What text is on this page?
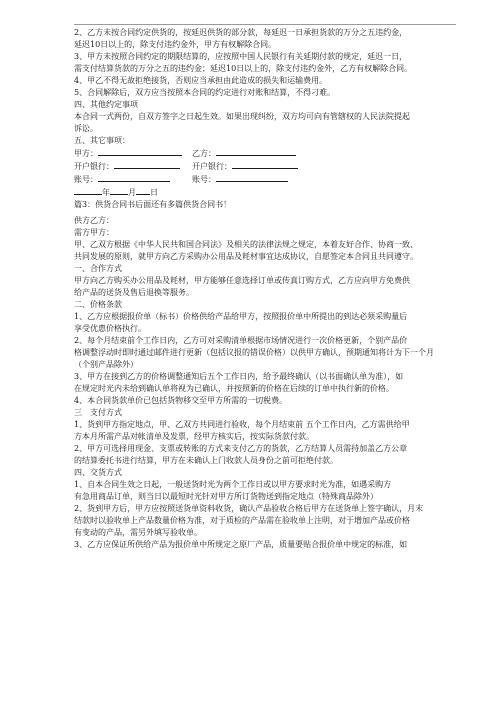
2、乙方未按合同约定供货的，按延迟供货的部分款，每延迟一日承担货款的万分之五违约金，
延迟10日以上的，除支付违约金外，甲方有权解除合同。
3、甲方未按照合同约定的期限结算的，应按照中国人民银行有关延期付款的规定，延迟一日，
需支付结算货款的万分之五的违约金；延迟10日以上的，除支付违约金外，乙方有权解除合同。
4、甲乙不得无故拒绝接货，否则应当承担由此造成的损失和运输费用。
5、合同解除后，双方应当按照本合同的约定进行对账和结算，不得刁难。
四、其他约定事项
本合同一式两份，自双方签字之日起生效。如果出现纠纷，双方均可向有管辖权的人民法院提起
诉讼。
五、其它事项：
甲方：	乙方：
开户银行：	开户银行：
账号：	账号：
年 月 日
篇3：供货合同书后面还有多篇供货合同书！
供方乙方：
需方甲方：
甲、乙双方根据《中华人民共和国合同法》及相关的法律法规之规定，本着友好合作、协商一致、
共同发展的原则，就甲方向乙方采购办公用品及耗材事宜达成协议，自愿签定本合同且共同遵守。
一、合作方式
甲方向乙方购买办公用品及耗材，甲方能够任意选择订单或传真订购方式，乙方应向甲方免费供
给产品的送货及售后退换等服务。
二、价格条款
1、乙方应根据报价单（标书）价格供给产品给甲方，按照报价单中所提出的到达必须采购量后
享受优惠价格执行。
2、每个月结束前个工作日内，乙方可对采购清单根据市场情况进行一次价格更新，个别产品价
格调整浮动时即时通过邮件进行更新（包括议报的错误价格）以供甲方确认，预期通知将计为下一个月
（个别产品除外）
3、甲方在接到乙方的价格调整通知后五个工作日内，给予最终确认（以书面确认单为准），如
在规定时光内未给到确认单将视为已确认，并按照新的价格在后续的订单中执行新的价格。
4、本合同货款单价已包括货物移交至甲方所需的一切税费。
三　支付方式
1、货到甲方指定地点，甲、乙双方共同进行验收，每个月结束前 五个工作日内，乙方需供给甲
方本月所需产品对帐清单及发票，经甲方核实后，按实际货款付款。
2、甲方可选择用现金、支票或转账的方式来支付乙方的货款，乙方结算人员需持加盖乙方公章
的结算委托书进行结算，甲方在未确认上门收款人员身份之前可拒绝付款。
四、交货方式
1、自本合同生效之日起，一般送货时光为两个工作日或以甲方要求时光为准，如遇采购方
有急用商品订单，则当日以最短时光针对甲方所订货物送到指定地点（特殊商品除外）
2、货到甲方后，甲方应按照送货单资料收货，确认产品验收合格后甲方在送货单上签字确认，月末
结款时以验收单上产品数量价格为准，对于质检的产品需在验收单上注明，对于增加产品或价格
有变动的产品，需另外填写验收单。
3、乙方应保证所供给产品为报价单中所规定之原厂产品，质量要贴合报价单中规定的标准，如
